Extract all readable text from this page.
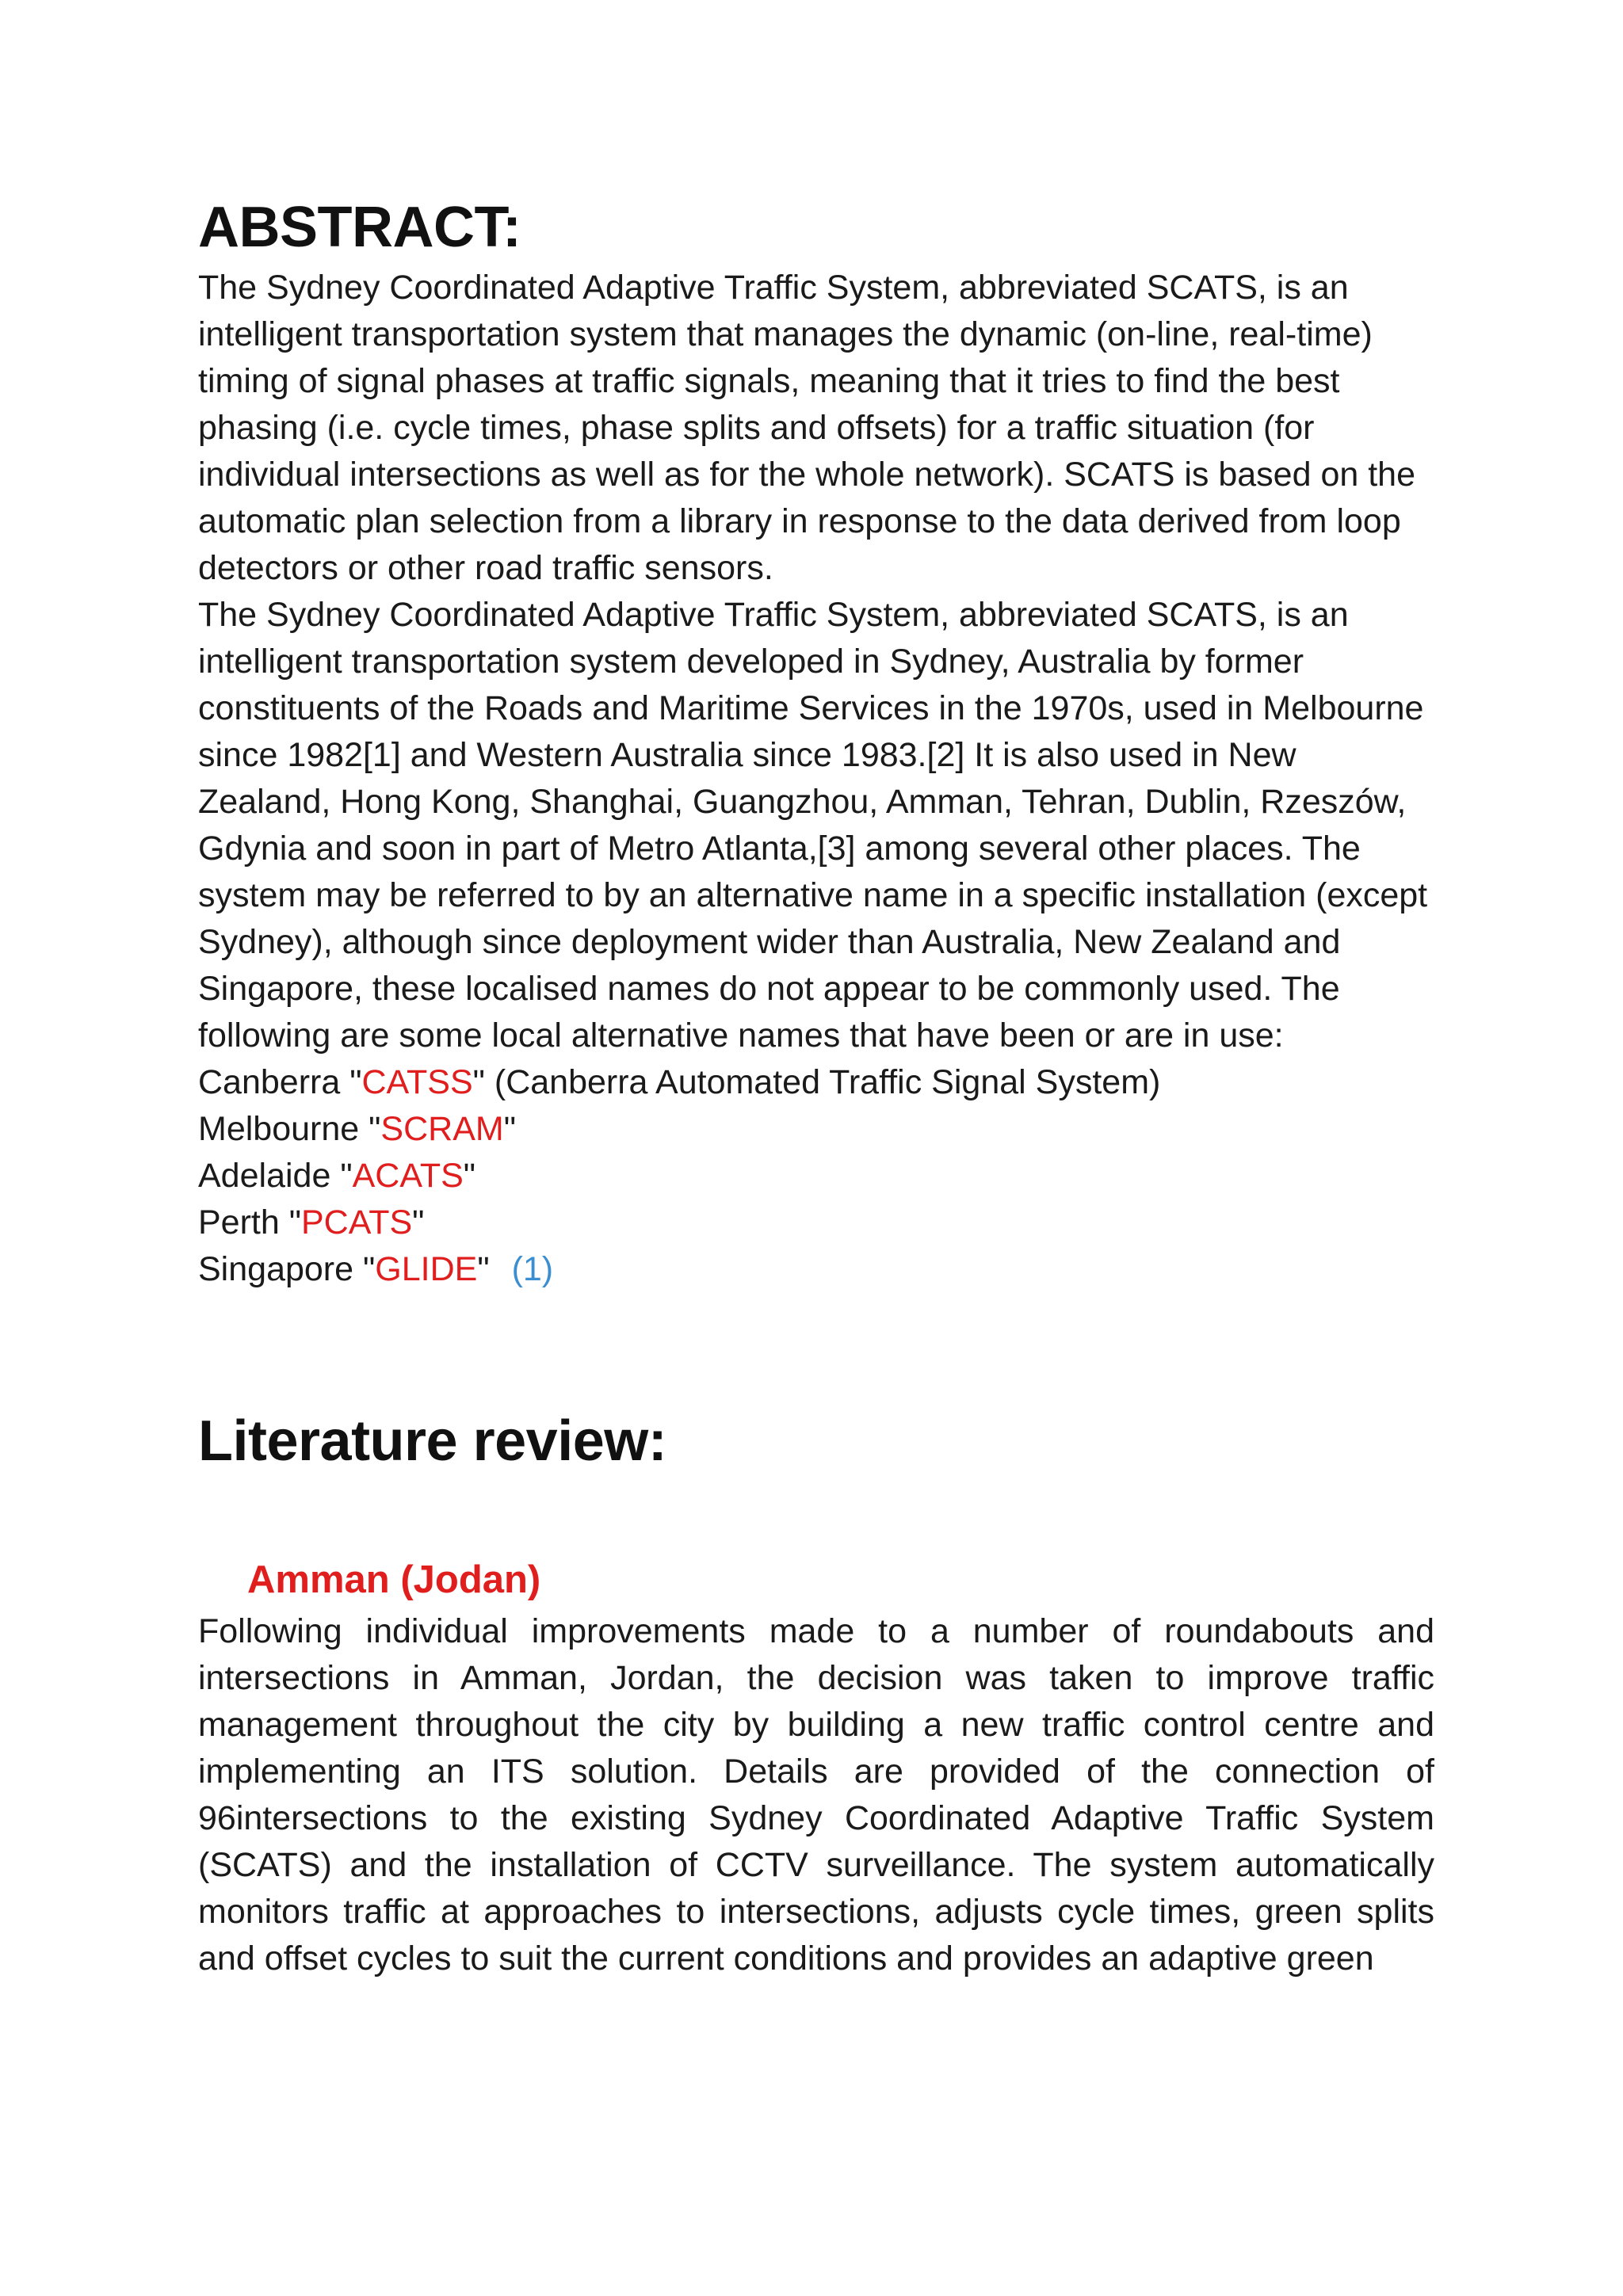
ABSTRACT:

The Sydney Coordinated Adaptive Traffic System, abbreviated SCATS, is an intelligent transportation system that manages the dynamic (on-line, real-time) timing of signal phases at traffic signals, meaning that it tries to find the best phasing (i.e. cycle times, phase splits and offsets) for a traffic situation (for individual intersections as well as for the whole network). SCATS is based on the automatic plan selection from a library in response to the data derived from loop detectors or other road traffic sensors.

The Sydney Coordinated Adaptive Traffic System, abbreviated SCATS, is an intelligent transportation system developed in Sydney, Australia by former constituents of the Roads and Maritime Services in the 1970s, used in Melbourne since 1982[1] and Western Australia since 1983.[2] It is also used in New Zealand, Hong Kong, Shanghai, Guangzhou, Amman, Tehran, Dublin, Rzeszów, Gdynia and soon in part of Metro Atlanta,[3] among several other places. The system may be referred to by an alternative name in a specific installation (except Sydney), although since deployment wider than Australia, New Zealand and Singapore, these localised names do not appear to be commonly used. The following are some local alternative names that have been or are in use:

Canberra "CATSS" (Canberra Automated Traffic Signal System)
Melbourne "SCRAM"
Adelaide "ACATS"
Perth "PCATS"
Singapore "GLIDE" (1)
Literature review:
Amman (Jodan)

Following individual improvements made to a number of roundabouts and intersections in Amman, Jordan, the decision was taken to improve traffic management throughout the city by building a new traffic control centre and implementing an ITS solution. Details are provided of the connection of 96intersections to the existing Sydney Coordinated Adaptive Traffic System (SCATS) and the installation of CCTV surveillance. The system automatically monitors traffic at approaches to intersections, adjusts cycle times, green splits and offset cycles to suit the current conditions and provides an adaptive green
